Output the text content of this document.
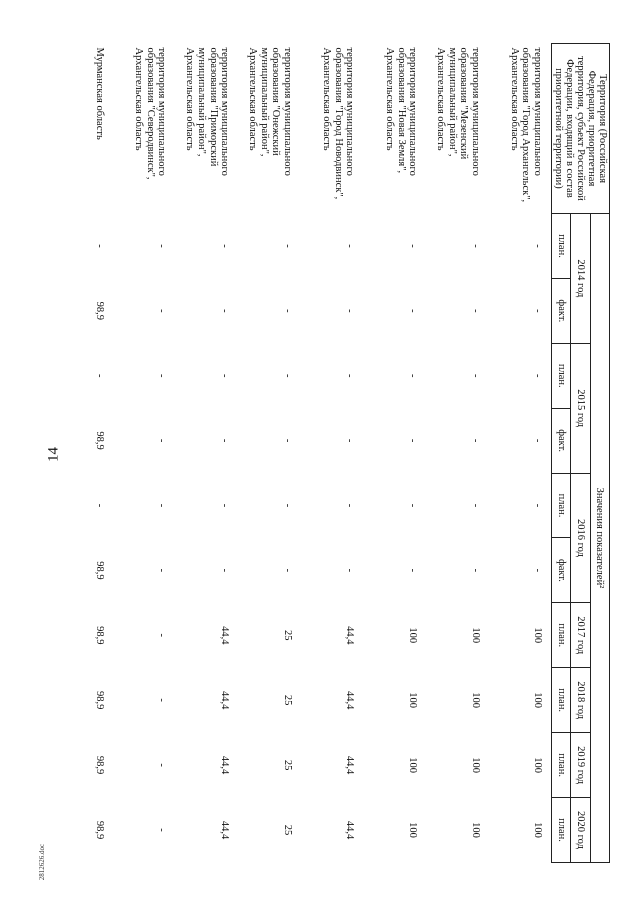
14
2812626.doc
Территория (Российская Федерация, приоритетная территория, субъект Российской Федерации, входящий в состав приоритетной территории)	Значения показателей²									
	2014 год		2015 год		2016 год		2017 год	2018 год	2019 год	2020 год
	план.	факт.	план.	факт.	план.	факт.	план.	план.	план.	план.
территория муниципального образования "Город Архангельск", Архангельская область	-	-	-	-	-	-	100	100	100	100
территория муниципального образования "Мезенский муниципальный район", Архангельская область	-	-	-	-	-	-	100	100	100	100
территория муниципального образования "Новая Земля", Архангельская область	-	-	-	-	-	-	100	100	100	100
территория муниципального образования "Город Новодвинск", Архангельская область	-	-	-	-	-	-	44,4	44,4	44,4	44,4
территория муниципального образования "Онежский муниципальный район", Архангельская область	-	-	-	-	-	-	25	25	25	25
территория муниципального образования "Приморский муниципальный район", Архангельская область	-	-	-	-	-	-	44,4	44,4	44,4	44,4
территория муниципального образования "Северодвинск", Архангельская область	-	-	-	-	-	-	-	-	-	-
Мурманская область	-	98,9	-	98,9	-	98,9	98,9	98,9	98,9	98,9
